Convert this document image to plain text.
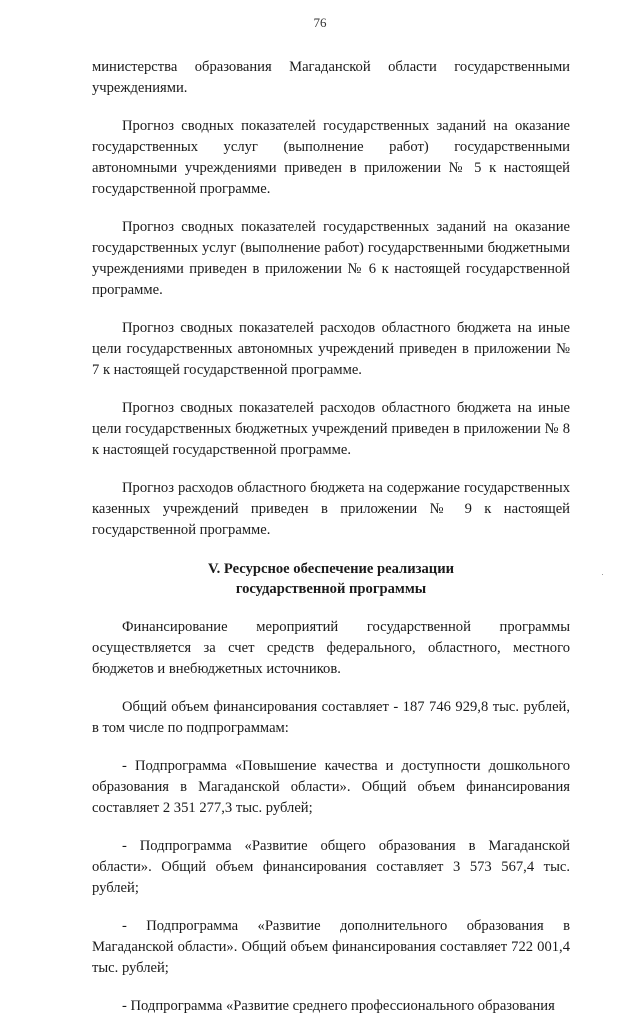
76

министерства образования Магаданской области государственными учреждениями.

Прогноз сводных показателей государственных заданий на оказание государственных услуг (выполнение работ) государственными автономными учреждениями приведен в приложении № 5 к настоящей государственной программе.

Прогноз сводных показателей государственных заданий на оказание государственных услуг (выполнение работ) государственными бюджетными учреждениями приведен в приложении № 6 к настоящей государственной программе.

Прогноз сводных показателей расходов областного бюджета на иные цели государственных автономных учреждений приведен в приложении № 7 к настоящей государственной программе.

Прогноз сводных показателей расходов областного бюджета на иные цели государственных бюджетных учреждений приведен в приложении № 8 к настоящей государственной программе.

Прогноз расходов областного бюджета на содержание государственных казенных учреждений приведен в приложении № 9 к настоящей государственной программе.

V. Ресурсное обеспечение реализации
государственной программы

Финансирование мероприятий государственной программы осуществляется за счет средств федерального, областного, местного бюджетов и внебюджетных источников.

Общий объем финансирования составляет - 187 746 929,8 тыс. рублей, в том числе по подпрограммам:

- Подпрограмма «Повышение качества и доступности дошкольного образования в Магаданской области». Общий объем финансирования составляет 2 351 277,3 тыс. рублей;

- Подпрограмма «Развитие общего образования в Магаданской области». Общий объем финансирования составляет 3 573 567,4 тыс. рублей;

- Подпрограмма «Развитие дополнительного образования в Магаданской области». Общий объем финансирования составляет 722 001,4 тыс. рублей;

- Подпрограмма «Развитие среднего профессионального образования
